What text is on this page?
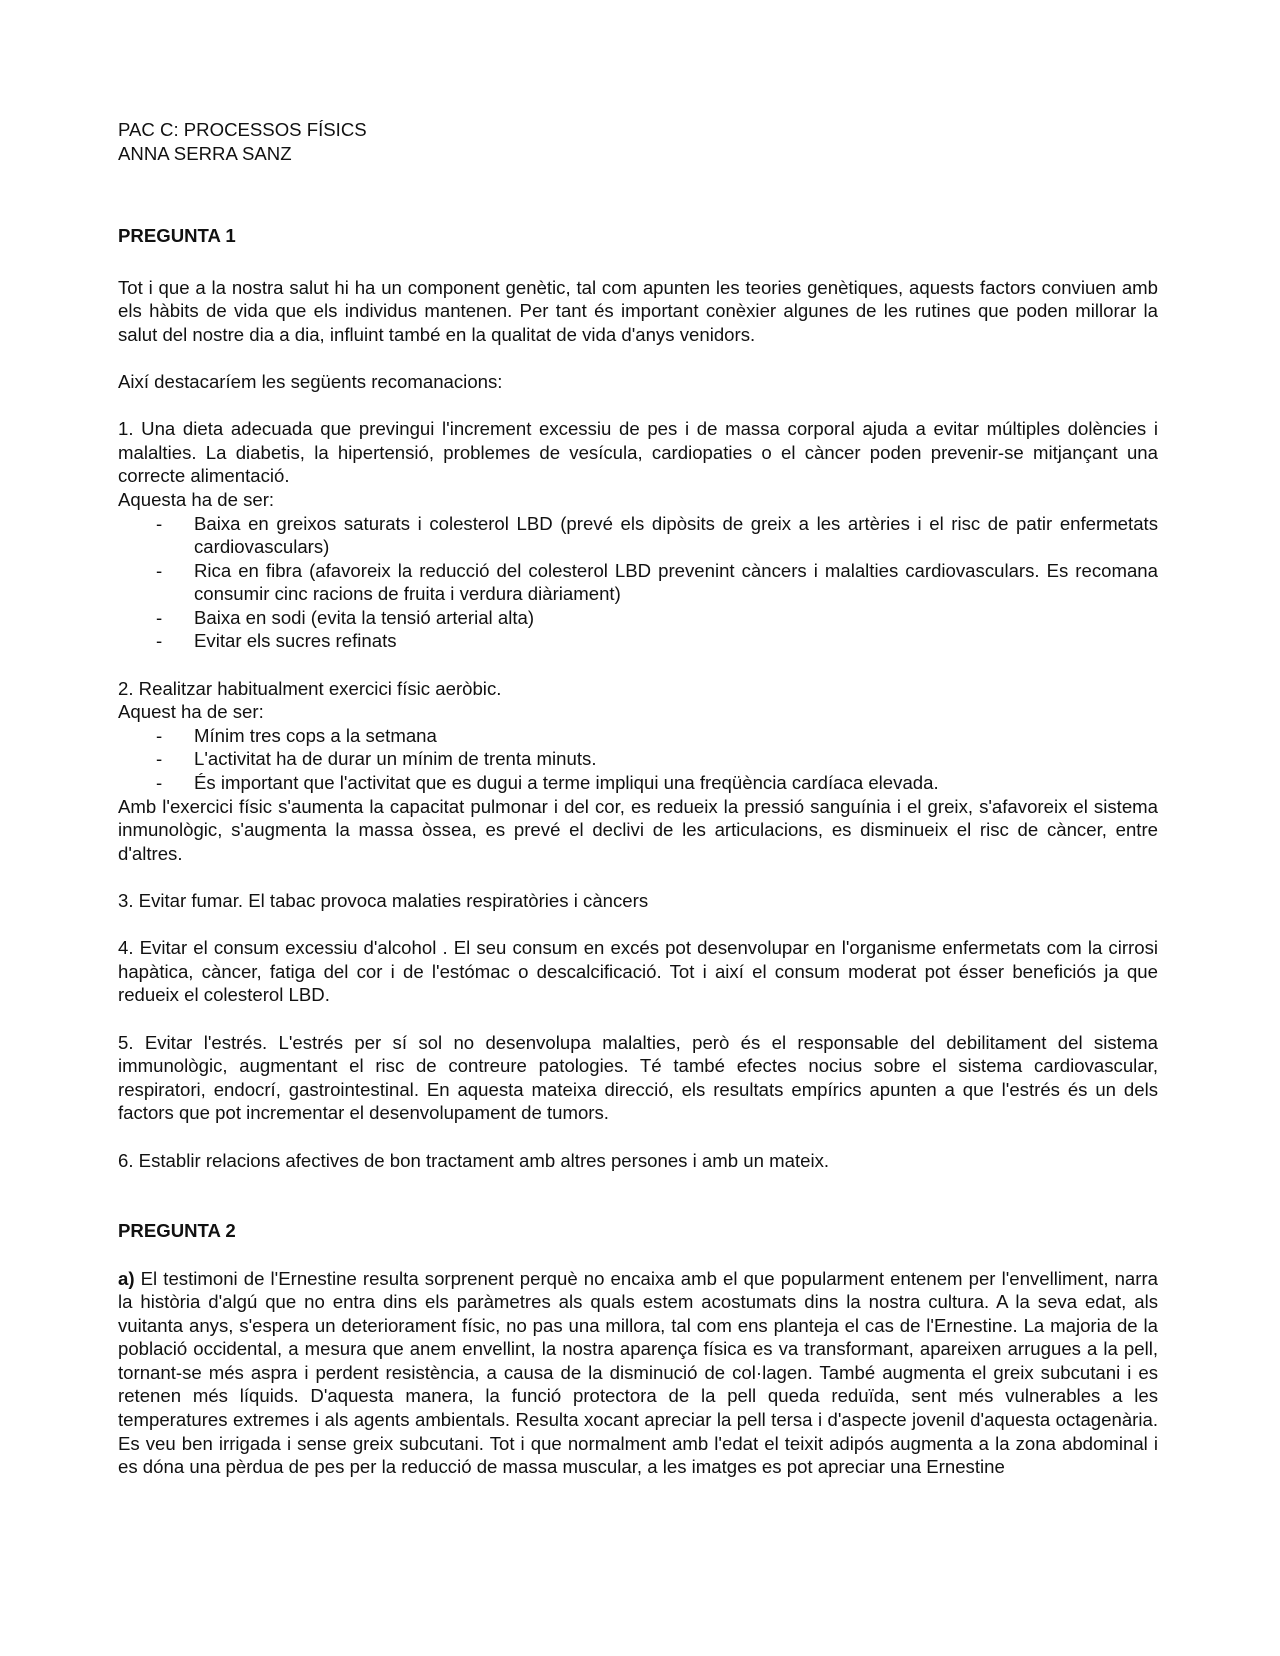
PAC C: PROCESSOS FÍSICS

ANNA SERRA SANZ

PREGUNTA 1

Tot i que a la nostra salut hi ha un component genètic, tal com apunten les teories genètiques, aquests factors conviuen amb els hàbits de vida que els individus mantenen. Per tant és important conèxier algunes de les rutines que poden millorar la salut del nostre dia a dia, influint també en la qualitat de vida d'anys venidors.

Així destacaríem les següents recomanacions:

1. Una dieta adecuada que previngui l'increment excessiu de pes i de massa corporal ajuda a evitar múltiples dolències i malalties. La diabetis, la hipertensió, problemes de vesícula, cardiopaties o el càncer poden prevenir-se mitjançant una correcte alimentació.

Aquesta ha de ser:

- Baixa en greixos saturats i colesterol LBD (prevé els dipòsits de greix a les artèries i el risc de patir enfermetats cardiovasculars)
- Rica en fibra (afavoreix la reducció del colesterol LBD prevenint càncers i malalties cardiovasculars. Es recomana consumir cinc racions de fruita i verdura diàriament)
- Baixa en sodi (evita la tensió arterial alta)
- Evitar els sucres refinats

2. Realitzar habitualment exercici físic aeròbic.

Aquest ha de ser:

- Mínim tres cops a la setmana
- L'activitat ha de durar un mínim de trenta minuts.
- És important que l'activitat que es dugui a terme impliqui una freqüència cardíaca elevada.

Amb l'exercici físic s'aumenta la capacitat pulmonar i del cor, es redueix la pressió sanguínia i el greix, s'afavoreix el sistema inmunològic, s'augmenta la massa òssea, es prevé el declivi de les articulacions, es disminueix el risc de càncer, entre d'altres.

3. Evitar fumar. El tabac provoca malaties respiratòries i càncers

4. Evitar el consum excessiu d'alcohol . El seu consum en excés pot desenvolupar en l'organisme enfermetats com la cirrosi hapàtica, càncer, fatiga del cor i de l'estómac o descalcificació. Tot i així el consum moderat pot ésser beneficiós ja que redueix el colesterol LBD.

5. Evitar l'estrés. L'estrés per sí sol no desenvolupa malalties, però és el responsable del debilitament del sistema immunològic, augmentant el risc de contreure patologies. Té també efectes nocius sobre el sistema cardiovascular, respiratori, endocrí, gastrointestinal. En aquesta mateixa direcció, els resultats empírics apunten a que l'estrés és un dels factors que pot incrementar el desenvolupament de tumors.

6. Establir relacions afectives de bon tractament amb altres persones i amb un mateix.

PREGUNTA 2

a) El testimoni de l'Ernestine resulta sorprenent perquè no encaixa amb el que popularment entenem per l'envelliment, narra la història d'algú que no entra dins els paràmetres als quals estem acostumats dins la nostra cultura. A la seva edat, als vuitanta anys, s'espera un deteriorament físic, no pas una millora, tal com ens planteja el cas de l'Ernestine. La majoria de la població occidental, a mesura que anem envellint, la nostra aparença física es va transformant, apareixen arrugues a la pell, tornant-se més aspra i perdent resistència, a causa de la disminució de col·lagen. També augmenta el greix subcutani i es retenen més líquids. D'aquesta manera, la funció protectora de la pell queda reduïda, sent més vulnerables a les temperatures extremes i als agents ambientals. Resulta xocant apreciar la pell tersa i d'aspecte jovenil d'aquesta octagenària. Es veu ben irrigada i sense greix subcutani. Tot i que normalment amb l'edat el teixit adipós augmenta a la zona abdominal i es dóna una pèrdua de pes per la reducció de massa muscular, a les imatges es pot apreciar una Ernestine
